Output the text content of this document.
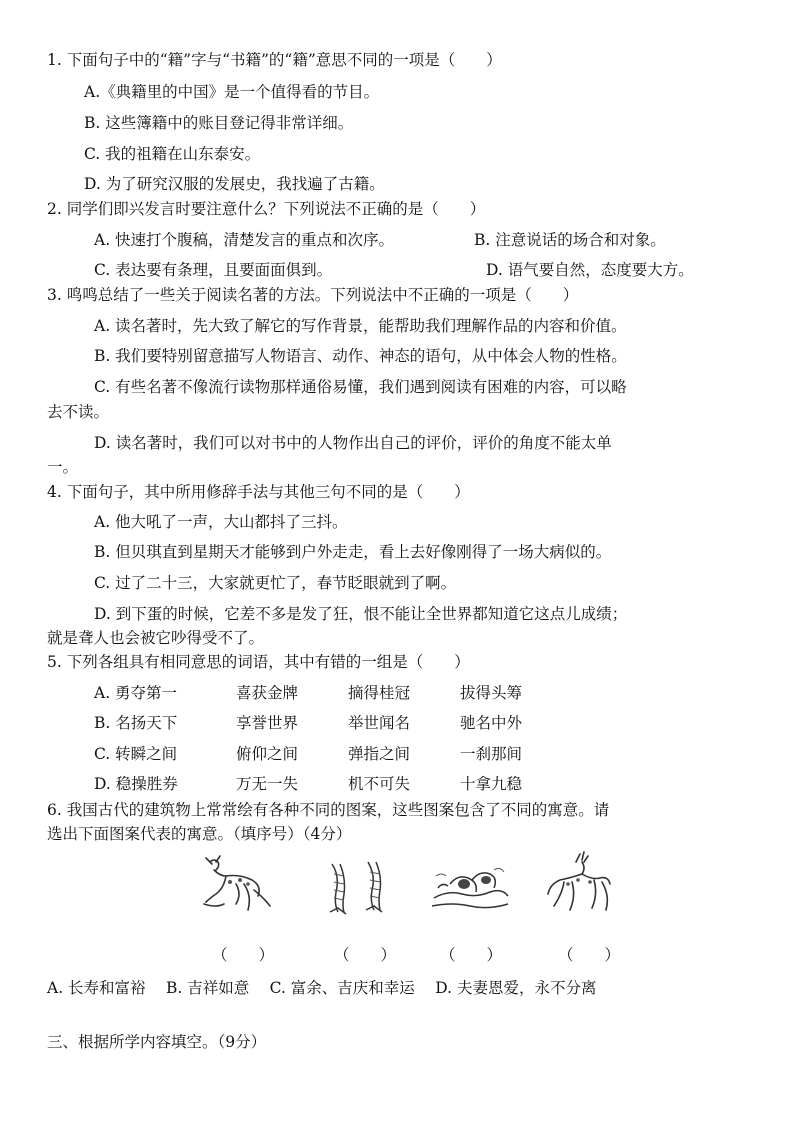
1. 下面句子中的“籍”字与“书籍”的“籍”意思不同的一项是（　　）
A.《典籍里的中国》是一个值得看的节目。
B. 这些簿籍中的账目登记得非常详细。
C. 我的祖籍在山东泰安。
D. 为了研究汉服的发展史，我找遍了古籍。
2. 同学们即兴发言时要注意什么？下列说法不正确的是（　　）
A. 快速打个腹稿，清楚发言的重点和次序。	B. 注意说话的场合和对象。
C. 表达要有条理，且要面面俱到。	D. 语气要自然，态度要大方。
3. 鸣鸣总结了一些关于阅读名著的方法。下列说法中不正确的一项是（　　）
A. 读名著时，先大致了解它的写作背景，能帮助我们理解作品的内容和价值。
B. 我们要特别留意描写人物语言、动作、神态的语句，从中体会人物的性格。
C. 有些名著不像流行读物那样通俗易懂，我们遇到阅读有困难的内容，可以略
去不读。
D. 读名著时，我们可以对书中的人物作出自己的评价，评价的角度不能太单
一。
4. 下面句子，其中所用修辞手法与其他三句不同的是（　　）
A. 他大吼了一声，大山都抖了三抖。
B. 但贝琪直到星期天才能够到户外走走，看上去好像刚得了一场大病似的。
C. 过了二十三，大家就更忙了，春节眨眼就到了啊。
D. 到下蛋的时候，它差不多是发了狂，恨不能让全世界都知道它这点儿成绩；
就是聋人也会被它吵得受不了。
5. 下列各组具有相同意思的词语，其中有错的一组是（　　）
A. 勇夺第一	喜获金牌	摘得桂冠	拔得头筹
B. 名扬天下	享誉世界	举世闻名	驰名中外
C. 转瞬之间	俯仰之间	弹指之间	一刹那间
D. 稳操胜券	万无一失	机不可失	十拿九稳
6. 我国古代的建筑物上常常绘有各种不同的图案，这些图案包含了不同的寓意。请
选出下面图案代表的寓意。（填序号）（4分）
（　　）	（　　）	（　　）	（　　）
A. 长寿和富裕　 B. 吉祥如意　 C. 富余、吉庆和幸运　 D. 夫妻恩爱，永不分离
三、根据所学内容填空。（9分）
